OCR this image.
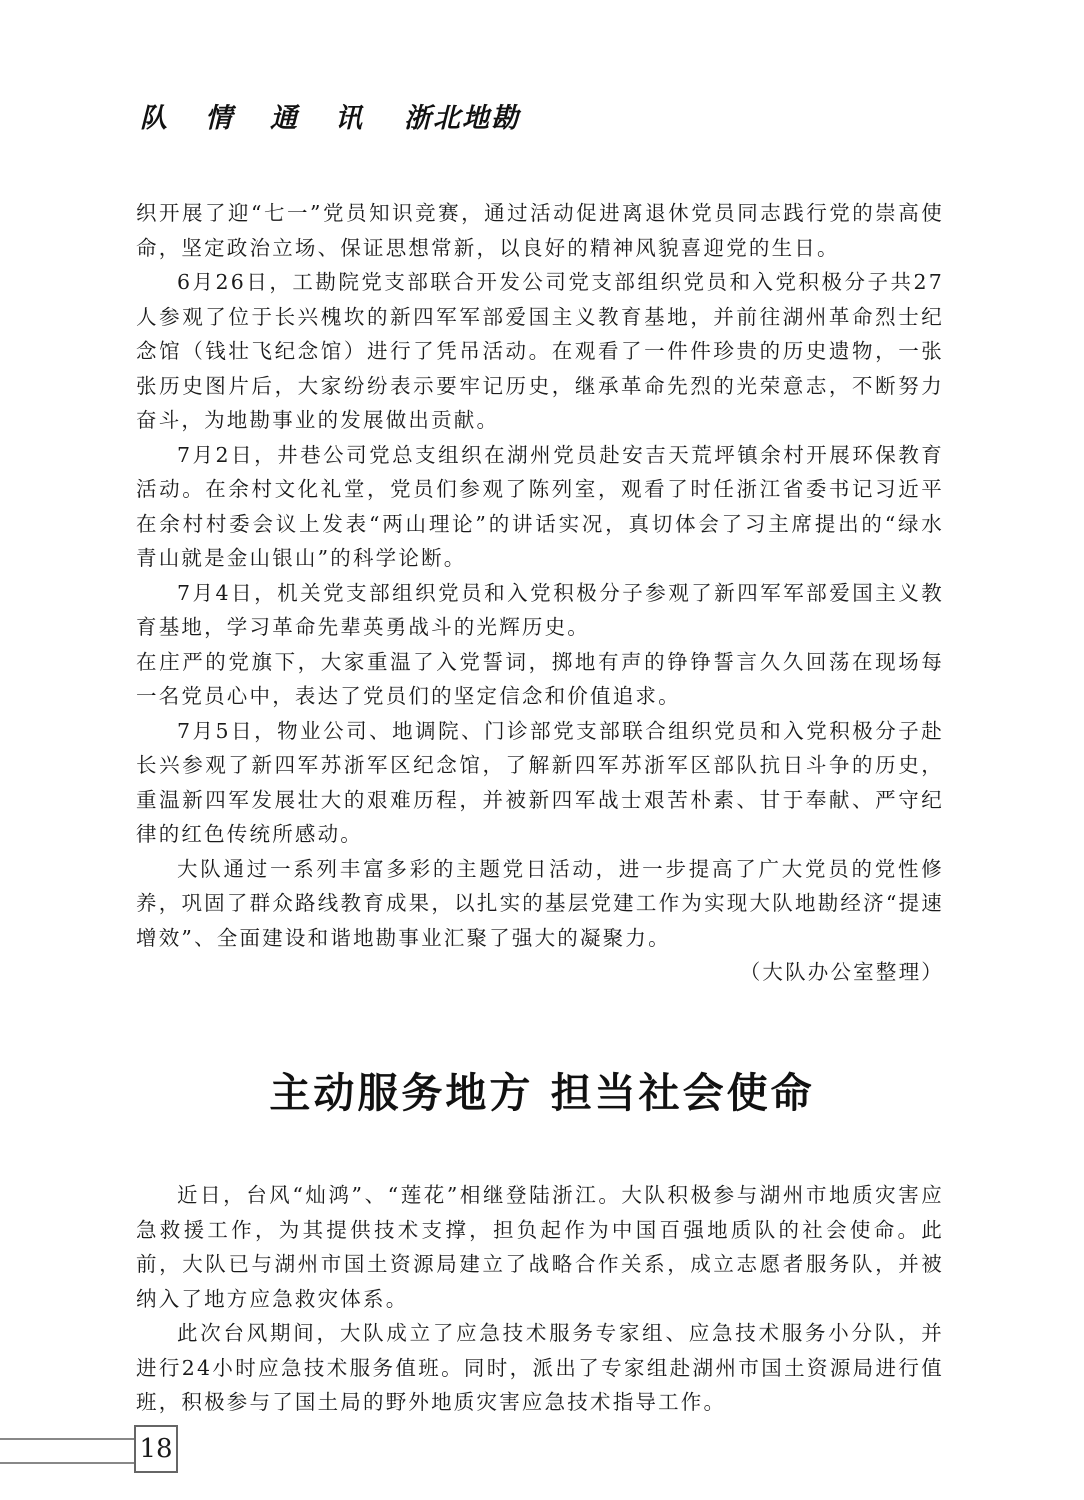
队 情 通 讯 浙北地勘

织开展了迎“七一”党员知识竞赛，通过活动促进离退休党员同志践行党的崇高使命，坚定政治立场、保证思想常新，以良好的精神风貌喜迎党的生日。

6月26日，工勘院党支部联合开发公司党支部组织党员和入党积极分子共27人参观了位于长兴槐坎的新四军军部爱国主义教育基地，并前往湖州革命烈士纪念馆（钱壮飞纪念馆）进行了凭吊活动。在观看了一件件珍贵的历史遗物，一张张历史图片后，大家纷纷表示要牢记历史，继承革命先烈的光荣意志，不断努力奋斗，为地勘事业的发展做出贡献。

7月2日，井巷公司党总支组织在湖州党员赴安吉天荒坪镇余村开展环保教育活动。在余村文化礼堂，党员们参观了陈列室，观看了时任浙江省委书记习近平在余村村委会议上发表“两山理论”的讲话实况，真切体会了习主席提出的“绿水青山就是金山银山”的科学论断。

7月4日，机关党支部组织党员和入党积极分子参观了新四军军部爱国主义教育基地，学习革命先辈英勇战斗的光辉历史。

在庄严的党旗下，大家重温了入党誓词，掷地有声的铮铮誓言久久回荡在现场每一名党员心中，表达了党员们的坚定信念和价值追求。

7月5日，物业公司、地调院、门诊部党支部联合组织党员和入党积极分子赴长兴参观了新四军苏浙军区纪念馆，了解新四军苏浙军区部队抗日斗争的历史，重温新四军发展壮大的艰难历程，并被新四军战士艰苦朴素、甘于奉献、严守纪律的红色传统所感动。

大队通过一系列丰富多彩的主题党日活动，进一步提高了广大党员的党性修养，巩固了群众路线教育成果，以扎实的基层党建工作为实现大队地勘经济“提速增效”、全面建设和谐地勘事业汇聚了强大的凝聚力。

（大队办公室整理）

主动服务地方 担当社会使命

近日，台风“灿鸿”、“莲花”相继登陆浙江。大队积极参与湖州市地质灾害应急救援工作，为其提供技术支撑，担负起作为中国百强地质队的社会使命。此前，大队已与湖州市国土资源局建立了战略合作关系，成立志愿者服务队，并被纳入了地方应急救灾体系。

此次台风期间，大队成立了应急技术服务专家组、应急技术服务小分队，并进行24小时应急技术服务值班。同时，派出了专家组赴湖州市国土资源局进行值班，积极参与了国土局的野外地质灾害应急技术指导工作。

18
